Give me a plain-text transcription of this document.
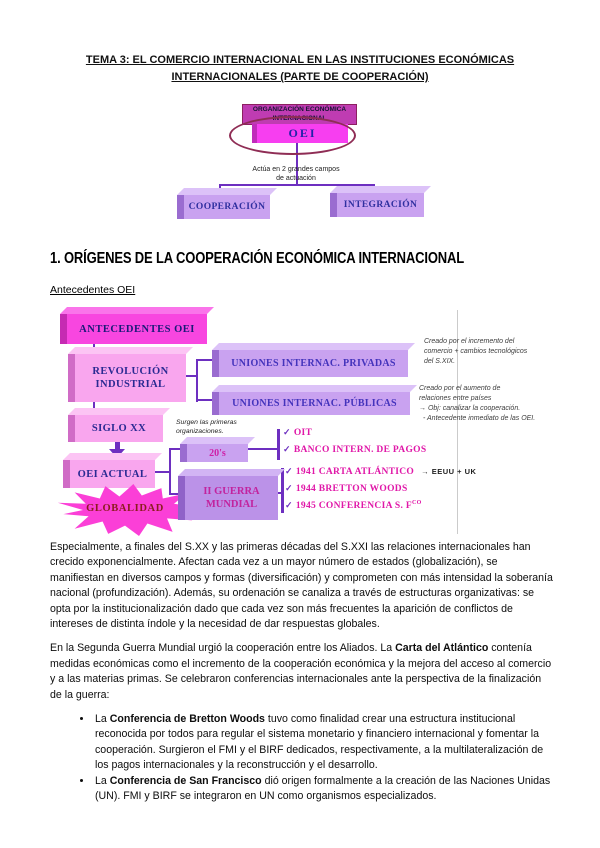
TEMA 3: EL COMERCIO INTERNACIONAL EN LAS INSTITUCIONES ECONÓMICAS
INTERNACIONALES (PARTE DE COOPERACIÓN)
ORGANIZACIÓN ECONÓMICA INTERNACIONAL
OEI
Actúa en 2 grandes campos
de actuación
COOPERACIÓN	INTEGRACIÓN
1. ORÍGENES DE LA COOPERACIÓN ECONÓMICA INTERNACIONAL
Antecedentes OEI
ANTECEDENTES OEI
REVOLUCIÓN
INDUSTRIAL
UNIONES INTERNAC. PRIVADAS
UNIONES INTERNAC. PÚBLICAS
SIGLO XX
OEI ACTUAL
GLOBALIDAD
Surgen las primeras
organizaciones.
20's
II GUERRA
MUNDIAL
✓ OIT
✓ BANCO INTERN. DE PAGOS
✓ 1941 CARTA ATLÁNTICO → EEUU + UK
✓ 1944 BRETTON WOODS
✓ 1945 CONFERENCIA S. $F^{CO}$
Creado por el incremento del comercio + cambios tecnológicos del S.XIX.
Creado por el aumento de
relaciones entre países
→ Obj: canalizar la cooperación.
- Antecedente inmediato de las OEI.

Especialmente, a finales del S.XX y las primeras décadas del S.XXI las relaciones internacionales han crecido exponencialmente. Afectan cada vez a un mayor número de estados (globalización), se manifiestan en diversos campos y formas (diversificación) y comprometen con más intensidad la soberanía nacional (profundización). Además, su ordenación se canaliza a través de estructuras organizativas: se opta por la institucionalización dado que cada vez son más frecuentes la aparición de conflictos de intereses de distinta índole y la necesidad de dar respuestas globales.

En la Segunda Guerra Mundial urgió la cooperación entre los Aliados. La Carta del Atlántico contenía medidas económicas como el incremento de la cooperación económica y la mejora del acceso al comercio y a las materias primas. Se celebraron conferencias internacionales ante la perspectiva de la finalización de la guerra:

• La Conferencia de Bretton Woods tuvo como finalidad crear una estructura institucional reconocida por todos para regular el sistema monetario y financiero internacional y fomentar la cooperación. Surgieron el FMI y el BIRF dedicados, respectivamente, a la multilateralización de los pagos internacionales y la reconstrucción y el desarrollo.
• La Conferencia de San Francisco dió origen formalmente a la creación de las Naciones Unidas (UN). FMI y BIRF se integraron en UN como organismos especializados.
